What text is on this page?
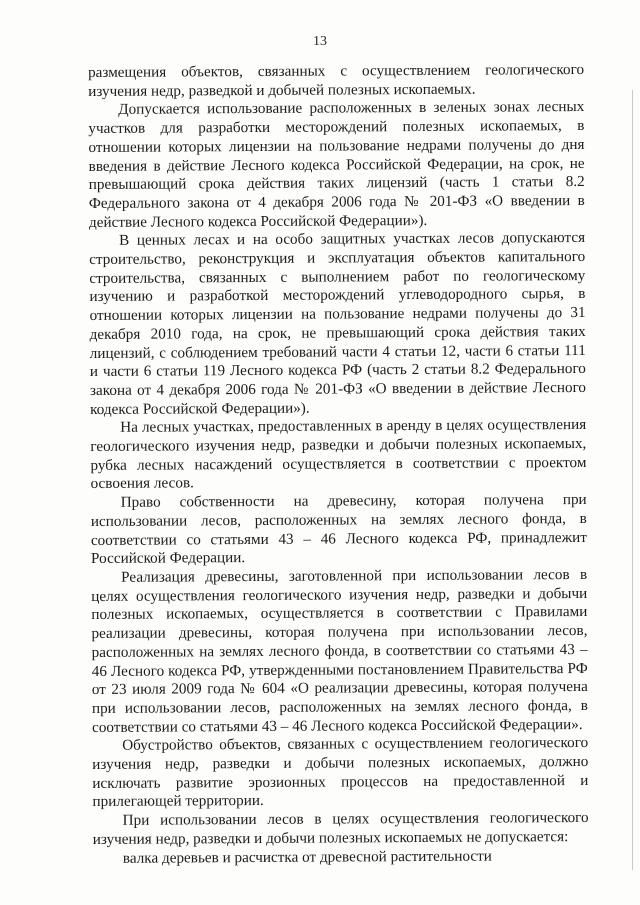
13

размещения объектов, связанных с осуществлением геологического изучения недр, разведкой и добычей полезных ископаемых.

Допускается использование расположенных в зеленых зонах лесных участков для разработки месторождений полезных ископаемых, в отношении которых лицензии на пользование недрами получены до дня введения в действие Лесного кодекса Российской Федерации, на срок, не превышающий срока действия таких лицензий (часть 1 статьи 8.2 Федерального закона от 4 декабря 2006 года № 201-ФЗ «О введении в действие Лесного кодекса Российской Федерации»).

В ценных лесах и на особо защитных участках лесов допускаются строительство, реконструкция и эксплуатация объектов капитального строительства, связанных с выполнением работ по геологическому изучению и разработкой месторождений углеводородного сырья, в отношении которых лицензии на пользование недрами получены до 31 декабря 2010 года, на срок, не превышающий срока действия таких лицензий, с соблюдением требований части 4 статьи 12, части 6 статьи 111 и части 6 статьи 119 Лесного кодекса РФ (часть 2 статьи 8.2 Федерального закона от 4 декабря 2006 года № 201-ФЗ «О введении в действие Лесного кодекса Российской Федерации»).

На лесных участках, предоставленных в аренду в целях осуществления геологического изучения недр, разведки и добычи полезных ископаемых, рубка лесных насаждений осуществляется в соответствии с проектом освоения лесов.

Право собственности на древесину, которая получена при использовании лесов, расположенных на землях лесного фонда, в соответствии со статьями 43 – 46 Лесного кодекса РФ, принадлежит Российской Федерации.

Реализация древесины, заготовленной при использовании лесов в целях осуществления геологического изучения недр, разведки и добычи полезных ископаемых, осуществляется в соответствии с Правилами реализации древесины, которая получена при использовании лесов, расположенных на землях лесного фонда, в соответствии со статьями 43 – 46 Лесного кодекса РФ, утвержденными постановлением Правительства РФ от 23 июля 2009 года № 604 «О реализации древесины, которая получена при использовании лесов, расположенных на землях лесного фонда, в соответствии со статьями 43 – 46 Лесного кодекса Российской Федерации».

Обустройство объектов, связанных с осуществлением геологического изучения недр, разведки и добычи полезных ископаемых, должно исключать развитие эрозионных процессов на предоставленной и прилегающей территории.

При использовании лесов в целях осуществления геологического изучения недр, разведки и добычи полезных ископаемых не допускается:

валка деревьев и расчистка от древесной растительности
